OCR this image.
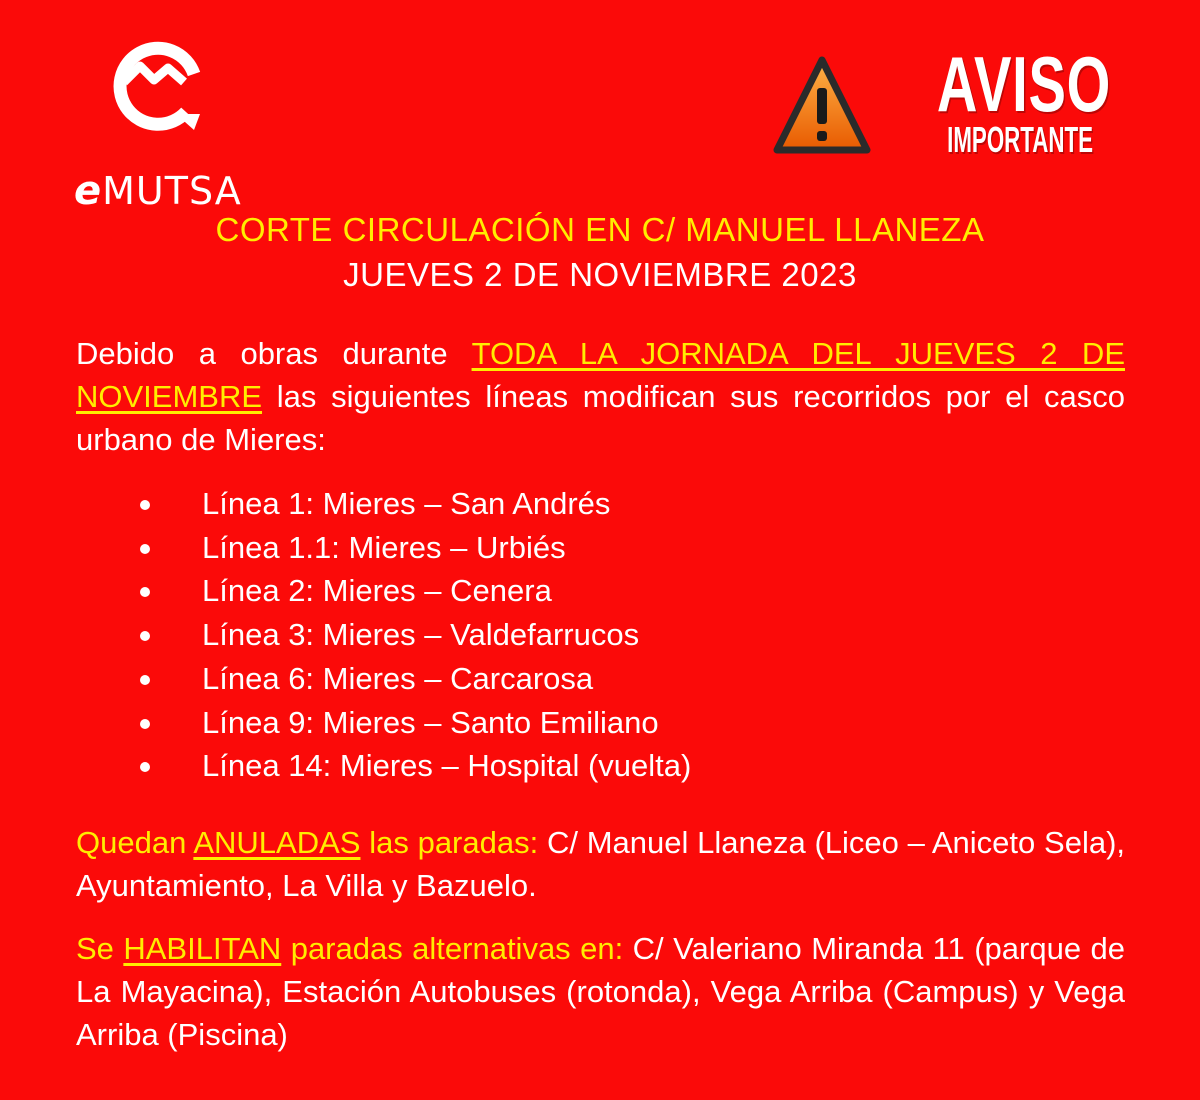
eMUTSA
AVISO
IMPORTANTE
CORTE CIRCULACIÓN EN C/ MANUEL LLANEZA
JUEVES 2 DE NOVIEMBRE 2023
Debido a obras durante TODA LA JORNADA DEL JUEVES 2 DE NOVIEMBRE las siguientes líneas modifican sus recorridos por el casco urbano de Mieres:
Línea 1: Mieres – San Andrés
Línea 1.1: Mieres – Urbiés
Línea 2: Mieres – Cenera
Línea 3: Mieres – Valdefarrucos
Línea 6: Mieres – Carcarosa
Línea 9: Mieres – Santo Emiliano
Línea 14: Mieres – Hospital (vuelta)
Quedan ANULADAS las paradas: C/ Manuel Llaneza (Liceo – Aniceto Sela), Ayuntamiento, La Villa y Bazuelo.
Se HABILITAN paradas alternativas en: C/ Valeriano Miranda 11 (parque de La Mayacina), Estación Autobuses (rotonda), Vega Arriba (Campus) y Vega Arriba (Piscina)
